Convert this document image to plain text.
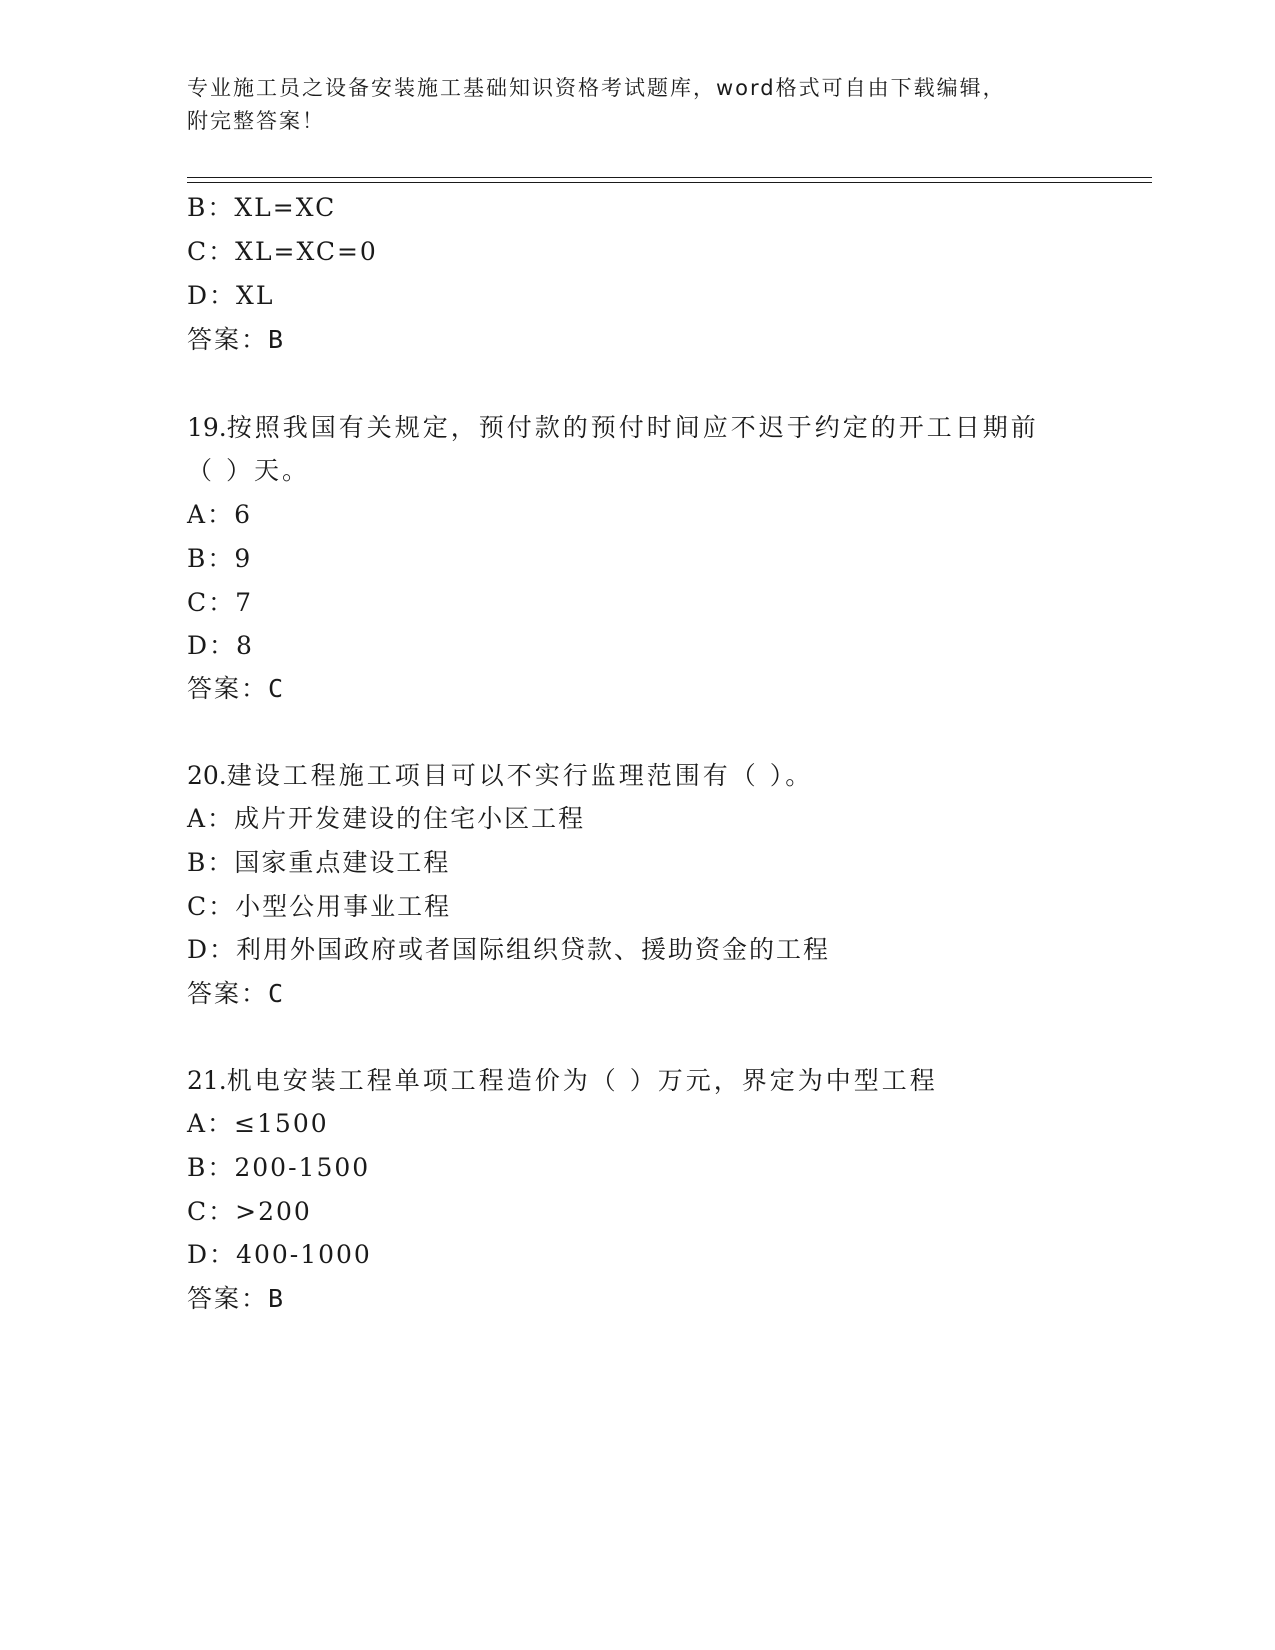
专业施工员之设备安装施工基础知识资格考试题库，word格式可自由下载编辑，
附完整答案！
B：XL=XC
C：XL=XC=0
D：XL
答案：B
19.按照我国有关规定，预付款的预付时间应不迟于约定的开工日期前
（ ）天。
A：6
B：9
C：7
D：8
答案：C
20.建设工程施工项目可以不实行监理范围有（ ）。
A：成片开发建设的住宅小区工程
B：国家重点建设工程
C：小型公用事业工程
D：利用外国政府或者国际组织贷款、援助资金的工程
答案：C
21.机电安装工程单项工程造价为（ ）万元，界定为中型工程
A：≤1500
B：200-1500
C：>200
D：400-1000
答案：B
